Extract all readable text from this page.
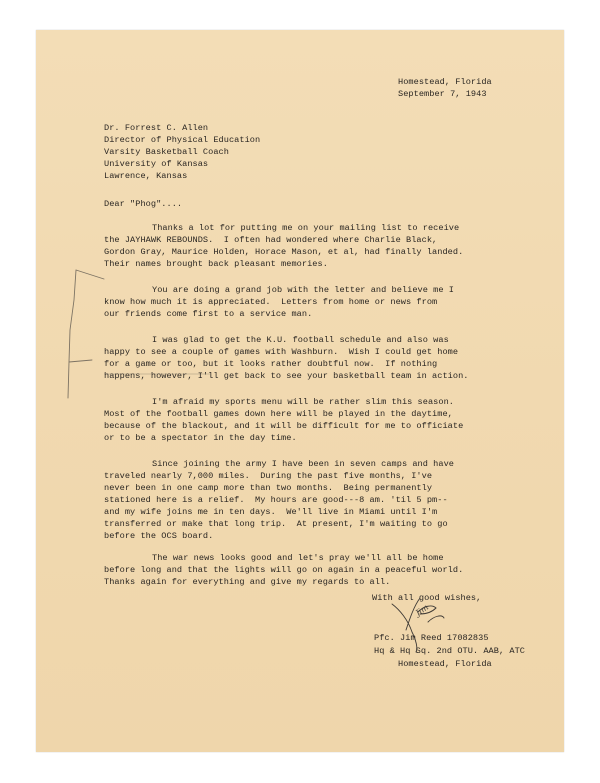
Homestead, Florida
September 7, 1943
Dr. Forrest C. Allen
Director of Physical Education
Varsity Basketball Coach
University of Kansas
Lawrence, Kansas
Dear "Phog"....
Thanks a lot for putting me on your mailing list to receive
the JAYHAWK REBOUNDS.  I often had wondered where Charlie Black,
Gordon Gray, Maurice Holden, Horace Mason, et al, had finally landed.
Their names brought back pleasant memories.
You are doing a grand job with the letter and believe me I
know how much it is appreciated.  Letters from home or news from
our friends come first to a service man.
I was glad to get the K.U. football schedule and also was
happy to see a couple of games with Washburn.  Wish I could get home
for a game or too, but it looks rather doubtful now.  If nothing
happens, however, I'll get back to see your basketball team in action.
I'm afraid my sports menu will be rather slim this season.
Most of the football games down here will be played in the daytime,
because of the blackout, and it will be difficult for me to officiate
or to be a spectator in the day time.
Since joining the army I have been in seven camps and have
traveled nearly 7,000 miles.  During the past five months, I've
never been in one camp more than two months.  Being permanently
stationed here is a relief.  My hours are good---8 am. 'til 5 pm--
and my wife joins me in ten days.  We'll live in Miami until I'm
transferred or make that long trip.  At present, I'm waiting to go
before the OCS board.
The war news looks good and let's pray we'll all be home
before long and that the lights will go on again in a peaceful world.
Thanks again for everything and give my regards to all.
With all good wishes,
Pfc. Jim Reed 17082835
Hq & Hq Sq. 2nd OTU. AAB, ATC
Homestead, Florida
Jim
